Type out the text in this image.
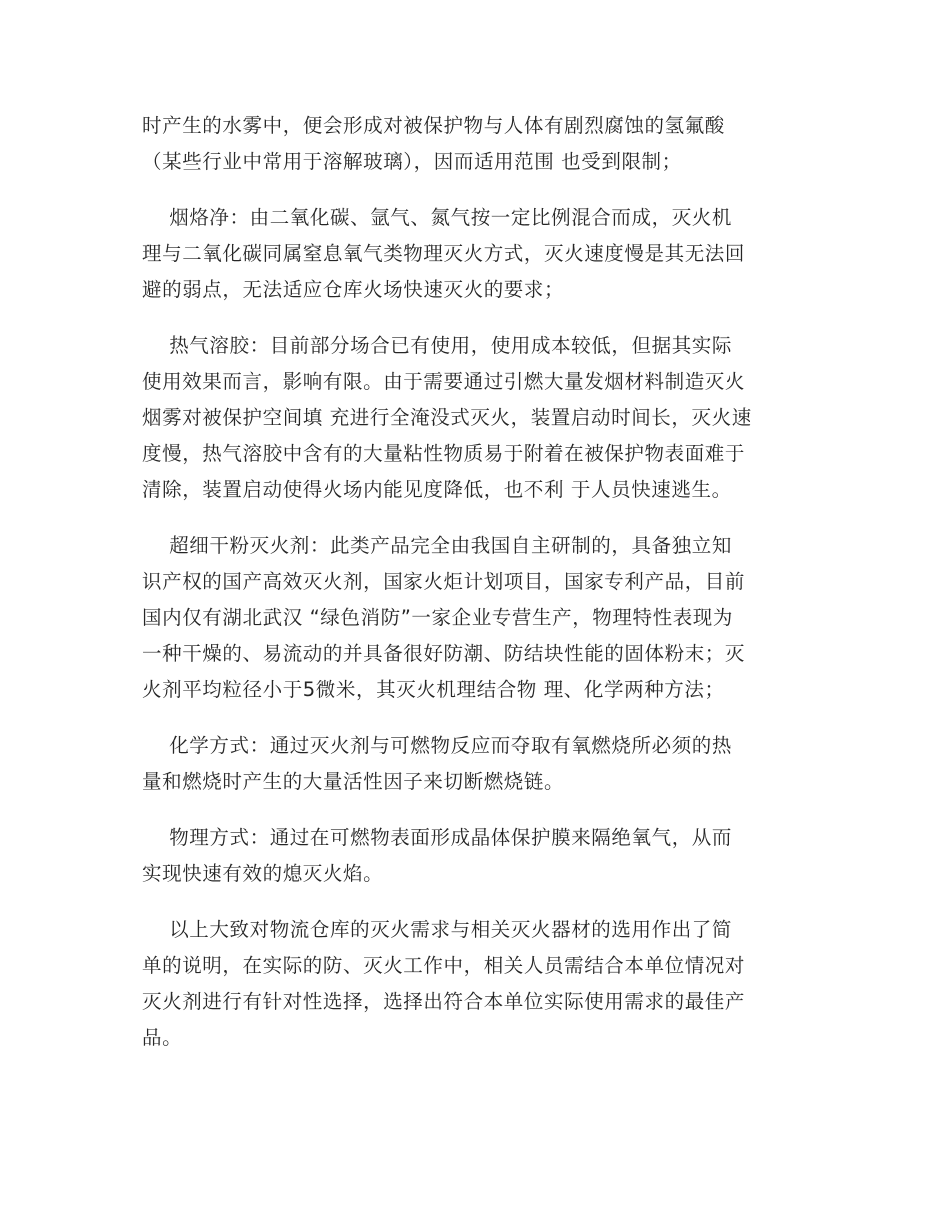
时产生的水雾中，便会形成对被保护物与人体有剧烈腐蚀的氢氟酸
（某些行业中常用于溶解玻璃），因而适用范围 也受到限制；
烟烙净：由二氧化碳、氩气、氮气按一定比例混合而成，灭火机
理与二氧化碳同属窒息氧气类物理灭火方式，灭火速度慢是其无法回
避的弱点，无法适应仓库火场快速灭火的要求；
热气溶胶：目前部分场合已有使用，使用成本较低，但据其实际
使用效果而言，影响有限。由于需要通过引燃大量发烟材料制造灭火
烟雾对被保护空间填 充进行全淹没式灭火，装置启动时间长，灭火速
度慢，热气溶胶中含有的大量粘性物质易于附着在被保护物表面难于
清除，装置启动使得火场内能见度降低，也不利 于人员快速逃生。
超细干粉灭火剂：此类产品完全由我国自主研制的，具备独立知
识产权的国产高效灭火剂，国家火炬计划项目，国家专利产品，目前
国内仅有湖北武汉 “绿色消防”一家企业专营生产，物理特性表现为
一种干燥的、易流动的并具备很好防潮、防结块性能的固体粉末；灭
火剂平均粒径小于5微米，其灭火机理结合物 理、化学两种方法；
化学方式：通过灭火剂与可燃物反应而夺取有氧燃烧所必须的热
量和燃烧时产生的大量活性因子来切断燃烧链。
物理方式：通过在可燃物表面形成晶体保护膜来隔绝氧气，从而
实现快速有效的熄灭火焰。
以上大致对物流仓库的灭火需求与相关灭火器材的选用作出了简
单的说明，在实际的防、灭火工作中，相关人员需结合本单位情况对
灭火剂进行有针对性选择，选择出符合本单位实际使用需求的最佳产
品。
